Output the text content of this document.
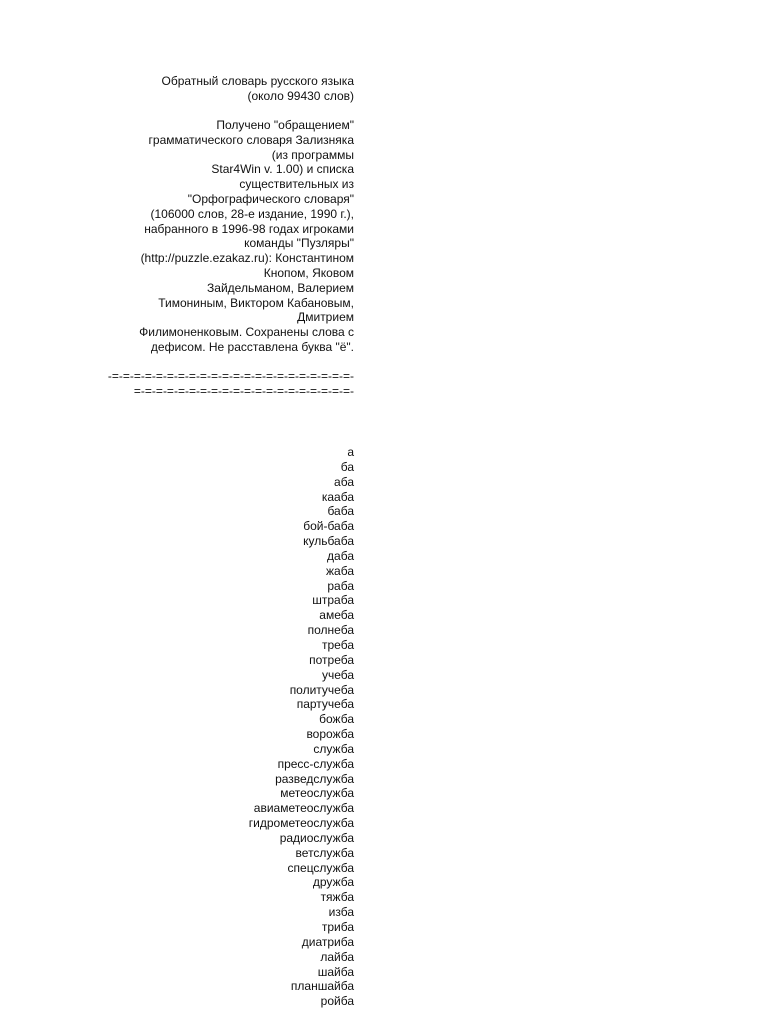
Обратный словарь русского языка
(около 99430 слов)
Получено "обращением"
грамматического словаря Зализняка
(из программы
Star4Win v. 1.00) и списка
существительных из
"Орфографического словаря"
(106000 слов, 28-е издание, 1990 г.),
набранного в 1996-98 годах игроками
команды "Пузляры"
(http://puzzle.ezakaz.ru): Константином
Кнопом, Яковом
Зайдельманом, Валерием
Тимониным, Виктором Кабановым,
Дмитрием
Филимоненковым. Сохранены слова с
дефисом. Не расставлена буква "ё".
-=-=-=-=-=-=-=-=-=-=-=-=-=-=-=-=-=-=-=-=-=-=-
=-=-=-=-=-=-=-=-=-=-=-=-=-=-=-=-=-=-=-=-
а
ба
аба
кааба
баба
бой-баба
кульбаба
даба
жаба
раба
штраба
амеба
полнеба
треба
потреба
учеба
политучеба
партучеба
божба
ворожба
служба
пресс-служба
разведслужба
метеослужба
авиаметеослужба
гидрометеослужба
радиослужба
ветслужба
спецслужба
дружба
тяжба
изба
триба
диатриба
лайба
шайба
планшайба
ройба
